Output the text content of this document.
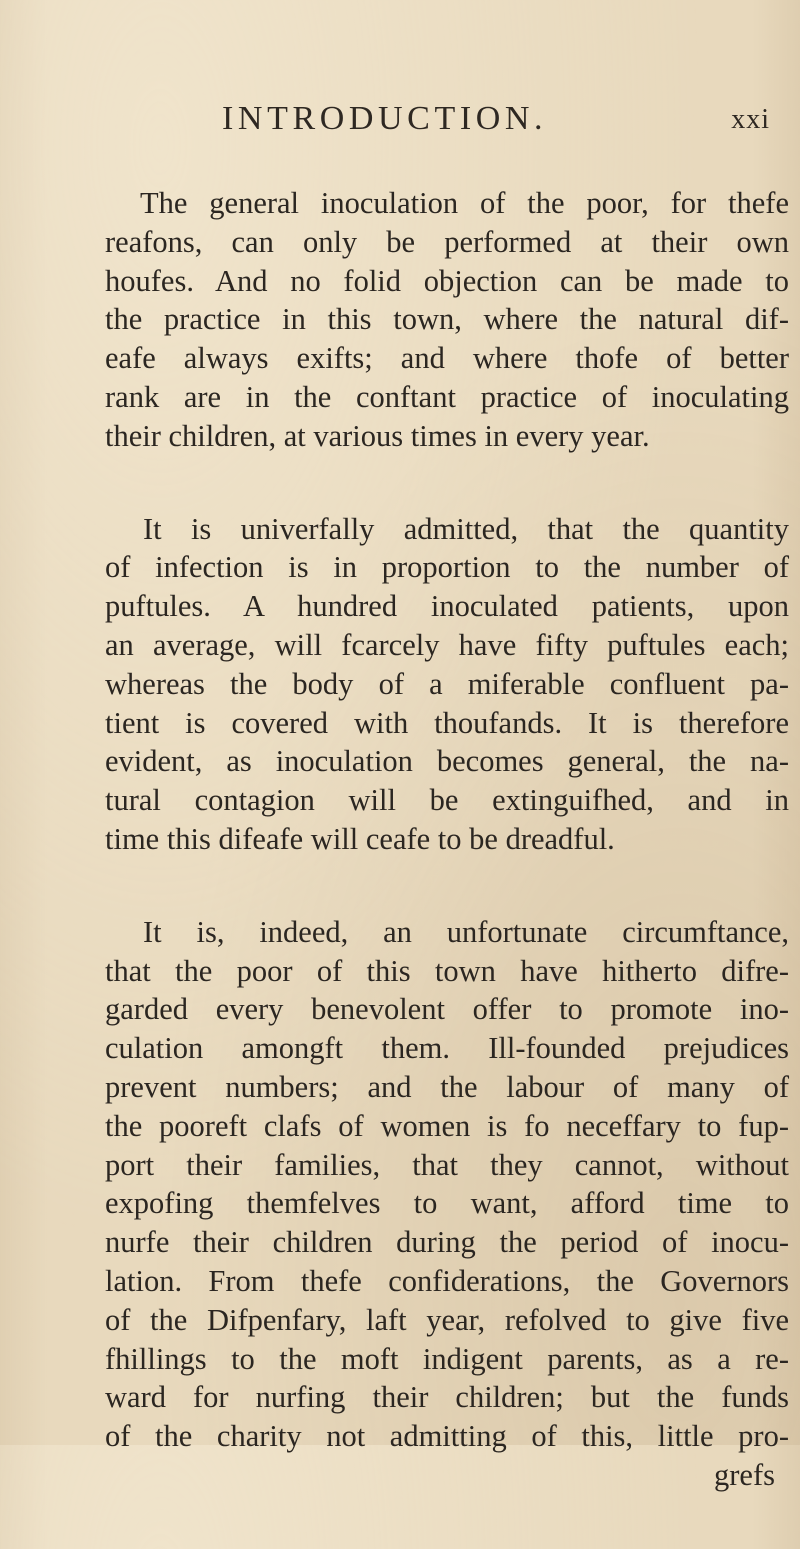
INTRODUCTION.	xxi
The general inoculation of the poor, for thefe
reafons, can only be performed at their own
houfes. And no folid objection can be made to
the practice in this town, where the natural dif-
eafe always exifts; and where thofe of better
rank are in the conftant practice of inoculating
their children, at various times in every year.
It is univerfally admitted, that the quantity
of infection is in proportion to the number of
puftules. A hundred inoculated patients, upon
an average, will fcarcely have fifty puftules each;
whereas the body of a miferable confluent pa-
tient is covered with thoufands. It is therefore
evident, as inoculation becomes general, the na-
tural contagion will be extinguifhed, and in
time this difeafe will ceafe to be dreadful.
It is, indeed, an unfortunate circumftance,
that the poor of this town have hitherto difre-
garded every benevolent offer to promote ino-
culation amongft them. Ill-founded prejudices
prevent numbers; and the labour of many of
the pooreft clafs of women is fo neceffary to fup-
port their families, that they cannot, without
expofing themfelves to want, afford time to
nurfe their children during the period of inocu-
lation. From thefe confiderations, the Governors
of the Difpenfary, laft year, refolved to give five
fhillings to the moft indigent parents, as a re-
ward for nurfing their children; but the funds
of the charity not admitting of this, little pro-
grefs
